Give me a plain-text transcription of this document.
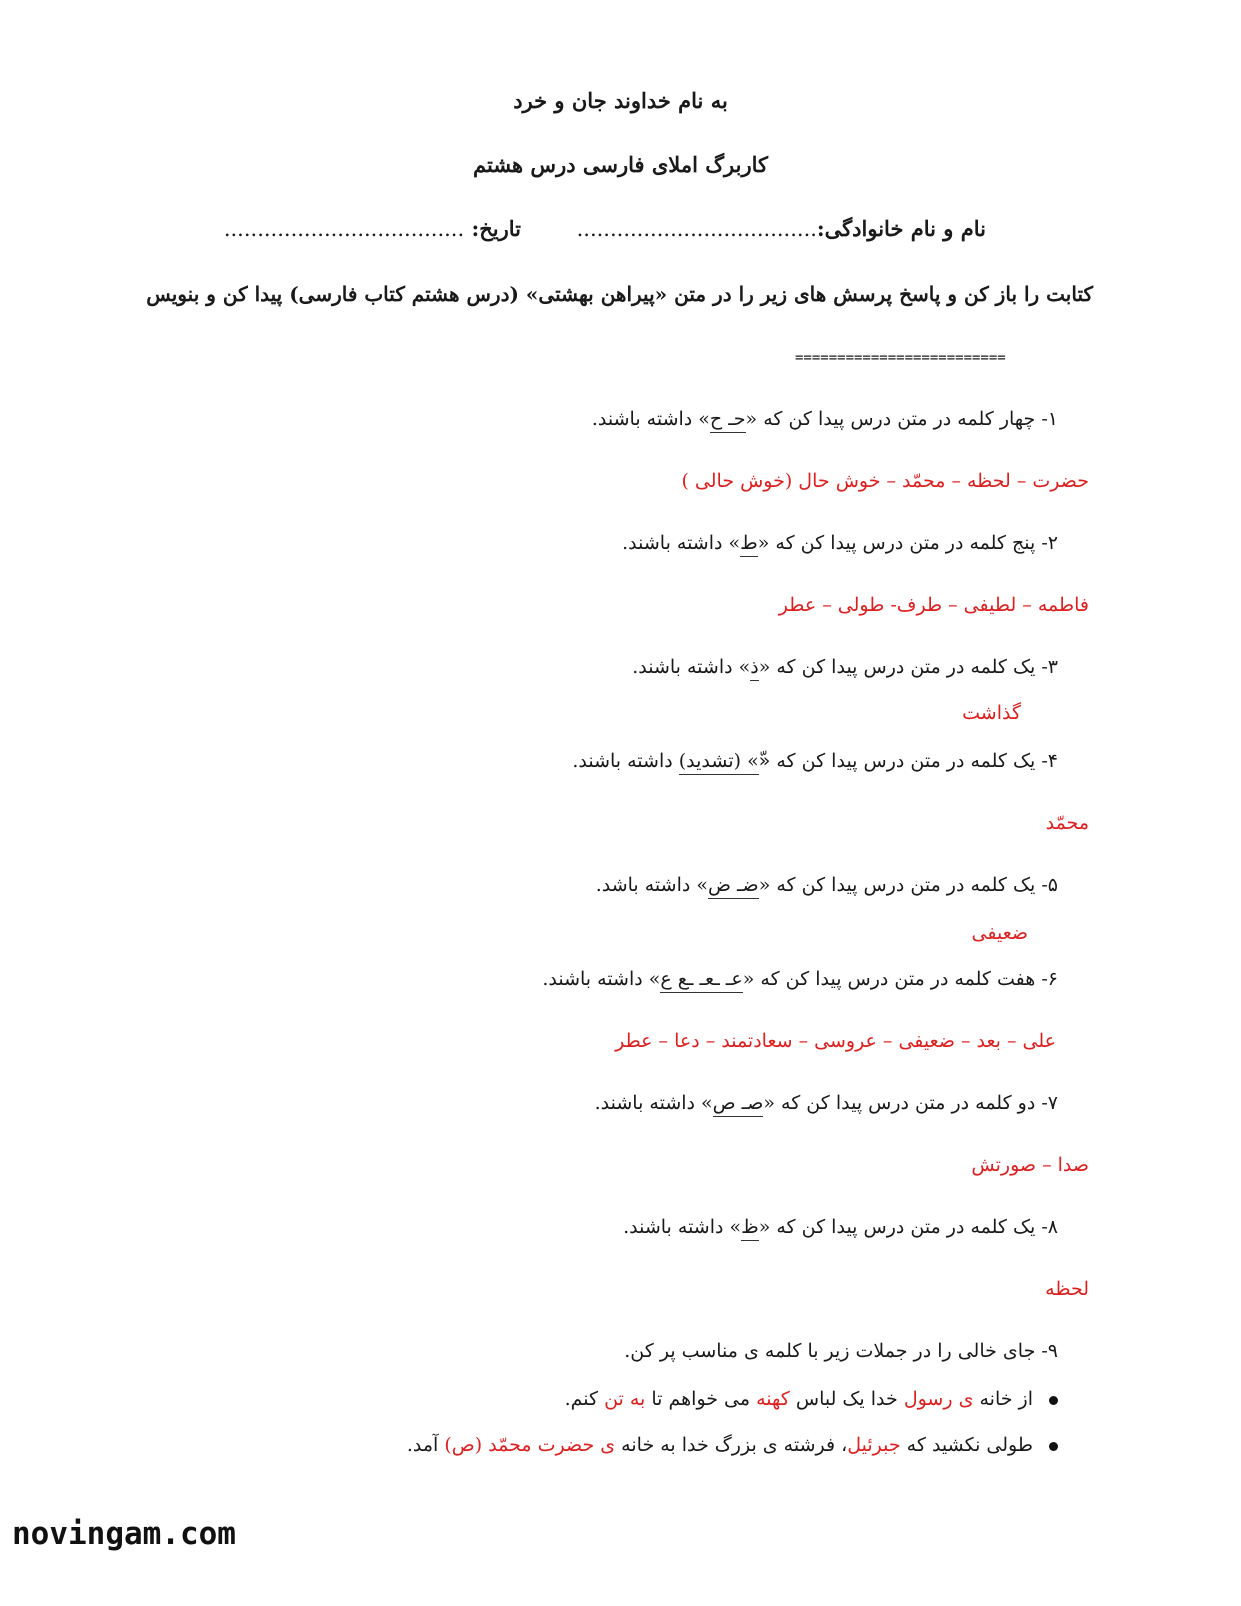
به نام خداوند جان و خرد
کاربرگ املای فارسی درس هشتم
نام و نام خانوادگی:....................................
تاریخ: ....................................
کتابت را باز کن و پاسخ پرسش های زیر را در متن «پیراهن بهشتی» (درس هشتم کتاب فارسی) پیدا کن و بنویس
=========================
۱- چهار کلمه در متن درس پیدا کن که «حـ ح» داشته باشند.
حضرت – لحظه – محمّد – خوش حال (خوش حالی )
۲- پنج کلمه در متن درس پیدا کن که «ط» داشته باشند.
فاطمه – لطیفی – طرف- طولی – عطر
۳- یک کلمه در متن درس پیدا کن که «ذ» داشته باشند.
گذاشت
۴- یک کلمه در متن درس پیدا کن که «ّ» (تشدید) داشته باشند.
محمّد
۵- یک کلمه در متن درس پیدا کن که «ضـ ض» داشته باشد.
ضعیفی
۶- هفت کلمه در متن درس پیدا کن که «عـ ـعـ ـع ع» داشته باشند.
علی – بعد – ضعیفی – عروسی – سعادتمند – دعا – عطر
۷- دو کلمه در متن درس پیدا کن که «صـ ص» داشته باشند.
صدا – صورتش
۸- یک کلمه در متن درس پیدا کن که «ظ» داشته باشند.
لحظه
۹- جای خالی را در جملات زیر با کلمه ی مناسب پر کن.
از خانه ی رسول خدا یک لباس کهنه می خواهم تا به تن کنم.
طولی نکشید که جبرئیل، فرشته ی بزرگ خدا به خانه ی حضرت محمّد (ص) آمد.
novingam.com
